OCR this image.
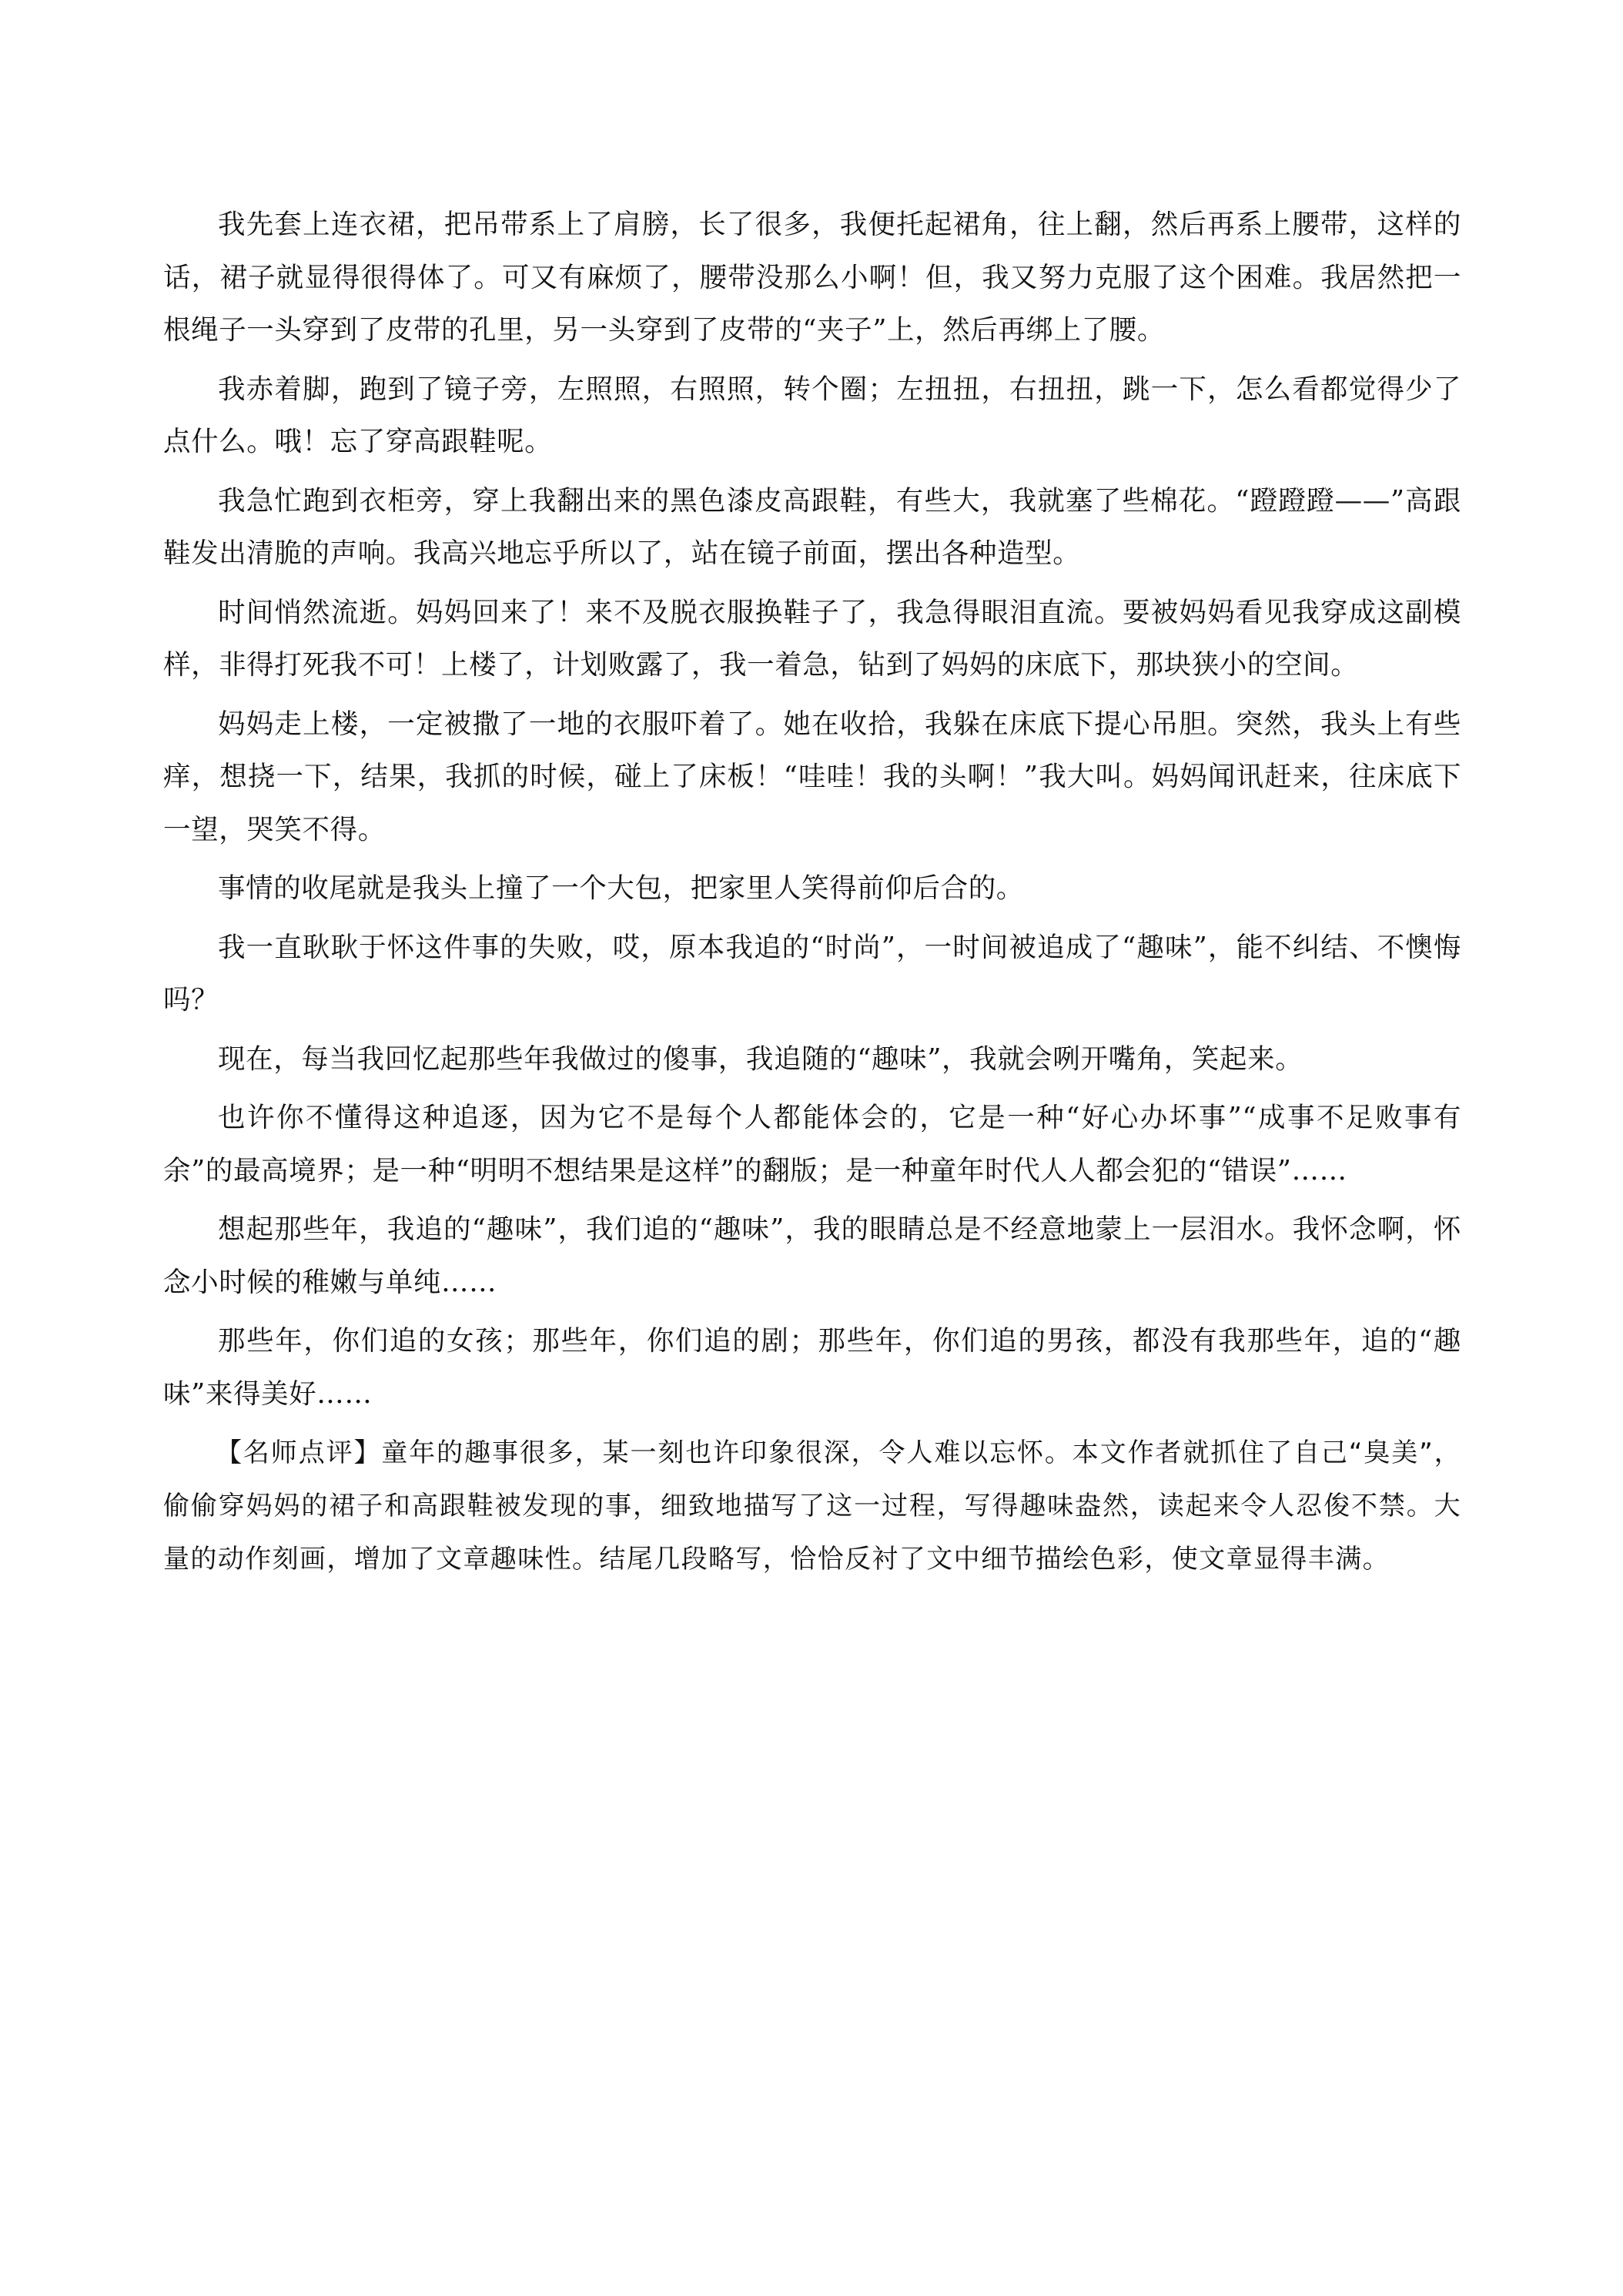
我先套上连衣裙，把吊带系上了肩膀，长了很多，我便托起裙角，往上翻，然后再系上腰带，这样的话，裙子就显得很得体了。可又有麻烦了，腰带没那么小啊！但，我又努力克服了这个困难。我居然把一根绳子一头穿到了皮带的孔里，另一头穿到了皮带的“夹子”上，然后再绑上了腰。

我赤着脚，跑到了镜子旁，左照照，右照照，转个圈；左扭扭，右扭扭，跳一下，怎么看都觉得少了点什么。哦！忘了穿高跟鞋呢。

我急忙跑到衣柜旁，穿上我翻出来的黑色漆皮高跟鞋，有些大，我就塞了些棉花。“蹬蹬蹬——”高跟鞋发出清脆的声响。我高兴地忘乎所以了，站在镜子前面，摆出各种造型。

时间悄然流逝。妈妈回来了！来不及脱衣服换鞋子了，我急得眼泪直流。要被妈妈看见我穿成这副模样，非得打死我不可！上楼了，计划败露了，我一着急，钻到了妈妈的床底下，那块狭小的空间。

妈妈走上楼，一定被撒了一地的衣服吓着了。她在收拾，我躲在床底下提心吊胆。突然，我头上有些痒，想挠一下，结果，我抓的时候，碰上了床板！“哇哇！我的头啊！”我大叫。妈妈闻讯赶来，往床底下一望，哭笑不得。

事情的收尾就是我头上撞了一个大包，把家里人笑得前仰后合的。

我一直耿耿于怀这件事的失败，哎，原本我追的“时尚”，一时间被追成了“趣味”，能不纠结、不懊悔吗？

现在，每当我回忆起那些年我做过的傻事，我追随的“趣味”，我就会咧开嘴角，笑起来。

也许你不懂得这种追逐，因为它不是每个人都能体会的，它是一种“好心办坏事”“成事不足败事有余”的最高境界；是一种“明明不想结果是这样”的翻版；是一种童年时代人人都会犯的“错误”……

想起那些年，我追的“趣味”，我们追的“趣味”，我的眼睛总是不经意地蒙上一层泪水。我怀念啊，怀念小时候的稚嫩与单纯……

那些年，你们追的女孩；那些年，你们追的剧；那些年，你们追的男孩，都没有我那些年，追的“趣味”来得美好……

【名师点评】童年的趣事很多，某一刻也许印象很深，令人难以忘怀。本文作者就抓住了自己“臭美”，偷偷穿妈妈的裙子和高跟鞋被发现的事，细致地描写了这一过程，写得趣味盎然，读起来令人忍俊不禁。大量的动作刻画，增加了文章趣味性。结尾几段略写，恰恰反衬了文中细节描绘色彩，使文章显得丰满。
